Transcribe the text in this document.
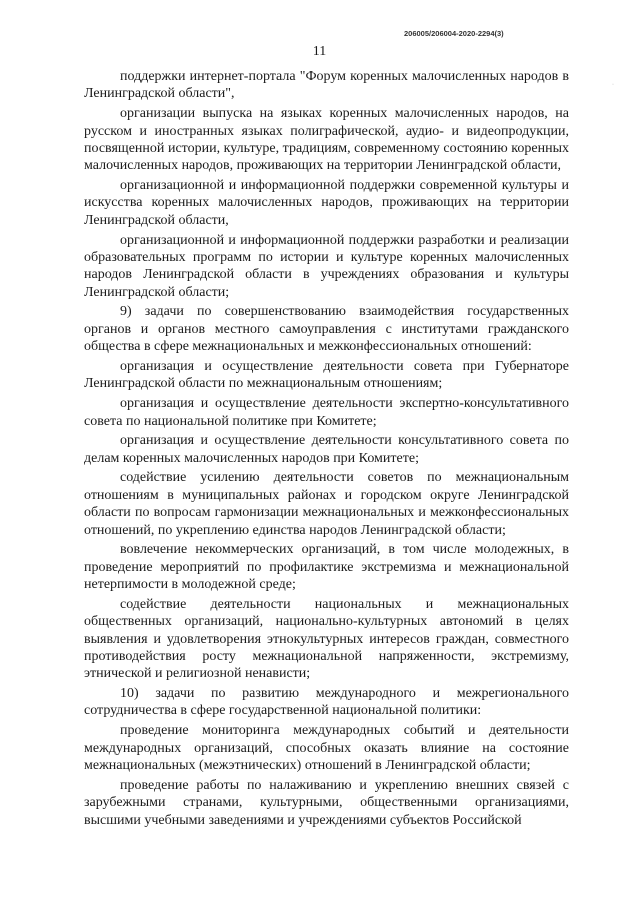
206005/206004-2020-2294(3)
11
·

поддержки интернет-портала "Форум коренных малочисленных народов в Ленинградской области",

организации выпуска на языках коренных малочисленных народов, на русском и иностранных языках полиграфической, аудио- и видеопродукции, посвященной истории, культуре, традициям, современному состоянию коренных малочисленных народов, проживающих на территории Ленинградской области,

организационной и информационной поддержки современной культуры и искусства коренных малочисленных народов, проживающих на территории Ленинградской области,

организационной и информационной поддержки разработки и реализации образовательных программ по истории и культуре коренных малочисленных народов Ленинградской области в учреждениях образования и культуры Ленинградской области;

9) задачи по совершенствованию взаимодействия государственных органов и органов местного самоуправления с институтами гражданского общества в сфере межнациональных и межконфессиональных отношений:

организация и осуществление деятельности совета при Губернаторе Ленинградской области по межнациональным отношениям;

организация и осуществление деятельности экспертно-консультативного совета по национальной политике при Комитете;

организация и осуществление деятельности консультативного совета по делам коренных малочисленных народов при Комитете;

содействие усилению деятельности советов по межнациональным отношениям в муниципальных районах и городском округе Ленинградской области по вопросам гармонизации межнациональных и межконфессиональных отношений, по укреплению единства народов Ленинградской области;

вовлечение некоммерческих организаций, в том числе молодежных, в проведение мероприятий по профилактике экстремизма и межнациональной нетерпимости в молодежной среде;

содействие деятельности национальных и межнациональных общественных организаций, национально-культурных автономий в целях выявления и удовлетворения этнокультурных интересов граждан, совместного противодействия росту межнациональной напряженности, экстремизму, этнической и религиозной ненависти;

10) задачи по развитию международного и межрегионального сотрудничества в сфере государственной национальной политики:

проведение мониторинга международных событий и деятельности международных организаций, способных оказать влияние на состояние межнациональных (межэтнических) отношений в Ленинградской области;

проведение работы по налаживанию и укреплению внешних связей с зарубежными странами, культурными, общественными организациями, высшими учебными заведениями и учреждениями субъектов Российской
